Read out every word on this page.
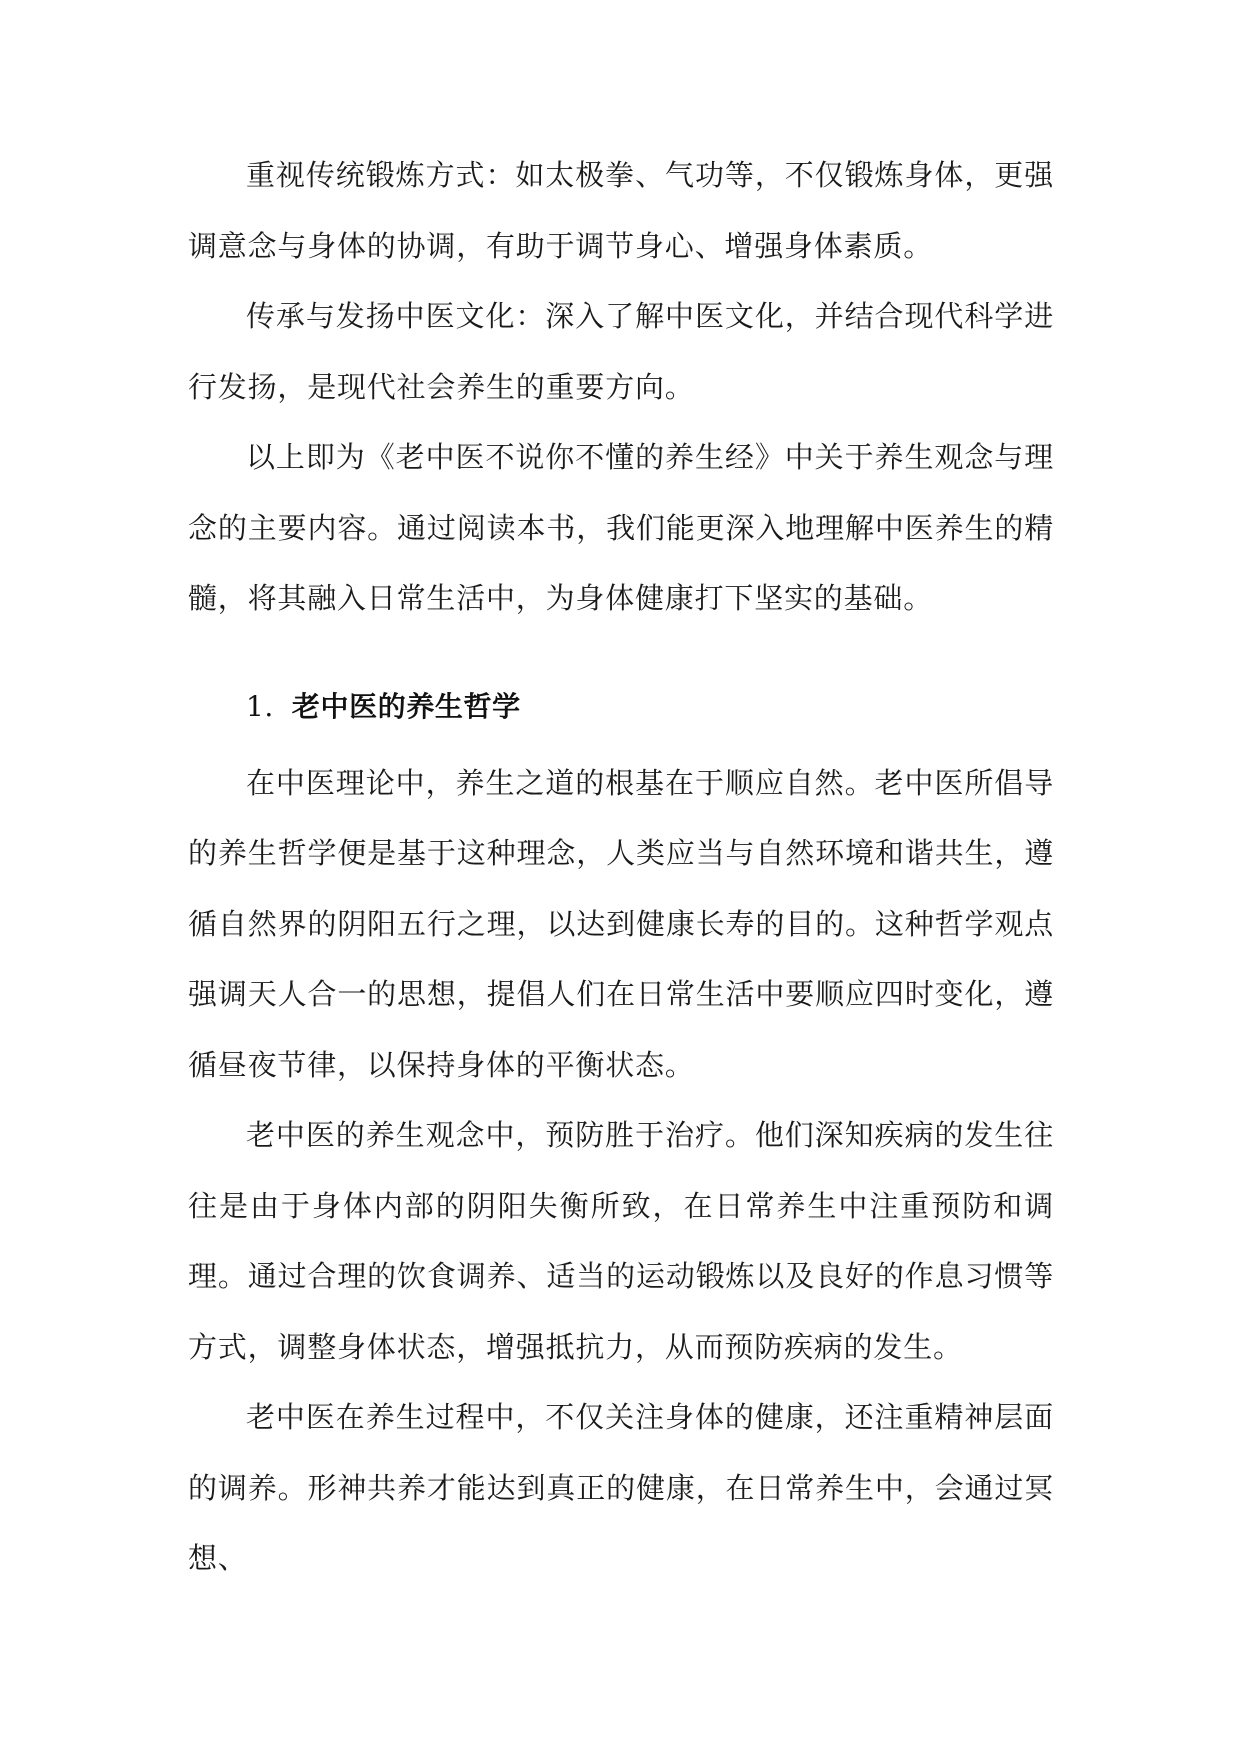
重视传统锻炼方式：如太极拳、气功等，不仅锻炼身体，更强调意念与身体的协调，有助于调节身心、增强身体素质。

传承与发扬中医文化：深入了解中医文化，并结合现代科学进行发扬，是现代社会养生的重要方向。

以上即为《老中医不说你不懂的养生经》中关于养生观念与理念的主要内容。通过阅读本书，我们能更深入地理解中医养生的精髓，将其融入日常生活中，为身体健康打下坚实的基础。

1. 老中医的养生哲学

在中医理论中，养生之道的根基在于顺应自然。老中医所倡导的养生哲学便是基于这种理念，人类应当与自然环境和谐共生，遵循自然界的阴阳五行之理，以达到健康长寿的目的。这种哲学观点强调天人合一的思想，提倡人们在日常生活中要顺应四时变化，遵循昼夜节律，以保持身体的平衡状态。

老中医的养生观念中，预防胜于治疗。他们深知疾病的发生往往是由于身体内部的阴阳失衡所致，在日常养生中注重预防和调理。通过合理的饮食调养、适当的运动锻炼以及良好的作息习惯等方式，调整身体状态，增强抵抗力，从而预防疾病的发生。

老中医在养生过程中，不仅关注身体的健康，还注重精神层面的调养。形神共养才能达到真正的健康，在日常养生中，会通过冥想、
